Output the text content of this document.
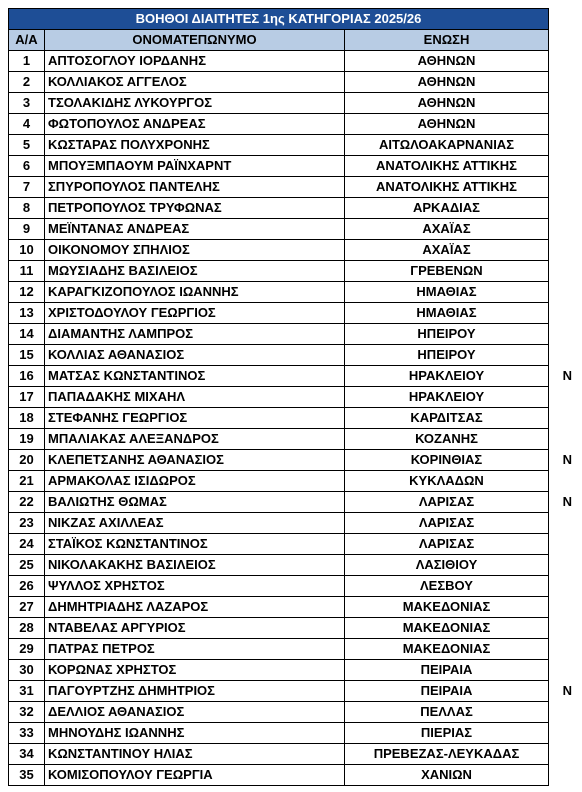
ΒΟΗΘΟΙ ΔΙΑΙΤΗΤΕΣ 1ης ΚΑΤΗΓΟΡΙΑΣ 2025/26		
Α/Α	ΟΝΟΜΑΤΕΠΩΝΥΜΟ	ΕΝΩΣΗ
1	ΑΠΤΟΣΟΓΛΟΥ ΙΟΡΔΑΝΗΣ	ΑΘΗΝΩΝ
2	ΚΟΛΛΙΑΚΟΣ ΑΓΓΕΛΟΣ	ΑΘΗΝΩΝ
3	ΤΣΟΛΑΚΙΔΗΣ ΛΥΚΟΥΡΓΟΣ	ΑΘΗΝΩΝ
4	ΦΩΤΟΠΟΥΛΟΣ ΑΝΔΡΕΑΣ	ΑΘΗΝΩΝ
5	ΚΩΣΤΑΡΑΣ ΠΟΛΥΧΡΟΝΗΣ	ΑΙΤΩΛΟΑΚΑΡΝΑΝΙΑΣ
6	ΜΠΟΥΞΜΠΑΟΥΜ ΡΑΪΝΧΑΡΝΤ	ΑΝΑΤΟΛΙΚΗΣ ΑΤΤΙΚΗΣ
7	ΣΠΥΡΟΠΟΥΛΟΣ ΠΑΝΤΕΛΗΣ	ΑΝΑΤΟΛΙΚΗΣ ΑΤΤΙΚΗΣ
8	ΠΕΤΡΟΠΟΥΛΟΣ ΤΡΥΦΩΝΑΣ	ΑΡΚΑΔΙΑΣ
9	ΜΕΪΝΤΑΝΑΣ ΑΝΔΡΕΑΣ	ΑΧΑΪΑΣ
10	ΟΙΚΟΝΟΜΟΥ ΣΠΗΛΙΟΣ	ΑΧΑΪΑΣ
11	ΜΩΥΣΙΑΔΗΣ ΒΑΣΙΛΕΙΟΣ	ΓΡΕΒΕΝΩΝ
12	ΚΑΡΑΓΚΙΖΟΠΟΥΛΟΣ ΙΩΑΝΝΗΣ	ΗΜΑΘΙΑΣ
13	ΧΡΙΣΤΟΔΟΥΛΟΥ ΓΕΩΡΓΙΟΣ	ΗΜΑΘΙΑΣ
14	ΔΙΑΜΑΝΤΗΣ ΛΑΜΠΡΟΣ	ΗΠΕΙΡΟΥ
15	ΚΟΛΛΙΑΣ ΑΘΑΝΑΣΙΟΣ	ΗΠΕΙΡΟΥ
16	ΜΑΤΣΑΣ ΚΩΝΣΤΑΝΤΙΝΟΣ	ΗΡΑΚΛΕΙΟΥ
17	ΠΑΠΑΔΑΚΗΣ ΜΙΧΑΗΛ	ΗΡΑΚΛΕΙΟΥ
18	ΣΤΕΦΑΝΗΣ ΓΕΩΡΓΙΟΣ	ΚΑΡΔΙΤΣΑΣ
19	ΜΠΑΛΙΑΚΑΣ ΑΛΕΞΑΝΔΡΟΣ	ΚΟΖΑΝΗΣ
20	ΚΛΕΠΕΤΣΑΝΗΣ ΑΘΑΝΑΣΙΟΣ	ΚΟΡΙΝΘΙΑΣ
21	ΑΡΜΑΚΟΛΑΣ ΙΣΙΔΩΡΟΣ	ΚΥΚΛΑΔΩΝ
22	ΒΑΛΙΩΤΗΣ ΘΩΜΑΣ	ΛΑΡΙΣΑΣ
23	ΝΙΚΖΑΣ ΑΧΙΛΛΕΑΣ	ΛΑΡΙΣΑΣ
24	ΣΤΑΪΚΟΣ ΚΩΝΣΤΑΝΤΙΝΟΣ	ΛΑΡΙΣΑΣ
25	ΝΙΚΟΛΑΚΑΚΗΣ ΒΑΣΙΛΕΙΟΣ	ΛΑΣΙΘΙΟΥ
26	ΨΥΛΛΟΣ ΧΡΗΣΤΟΣ	ΛΕΣΒΟΥ
27	ΔΗΜΗΤΡΙΑΔΗΣ ΛΑΖΑΡΟΣ	ΜΑΚΕΔΟΝΙΑΣ
28	ΝΤΑΒΕΛΑΣ ΑΡΓΥΡΙΟΣ	ΜΑΚΕΔΟΝΙΑΣ
29	ΠΑΤΡΑΣ ΠΕΤΡΟΣ	ΜΑΚΕΔΟΝΙΑΣ
30	ΚΟΡΩΝΑΣ ΧΡΗΣΤΟΣ	ΠΕΙΡΑΙΑ
31	ΠΑΓΟΥΡΤΖΗΣ ΔΗΜΗΤΡΙΟΣ	ΠΕΙΡΑΙΑ
32	ΔΕΛΛΙΟΣ ΑΘΑΝΑΣΙΟΣ	ΠΕΛΛΑΣ
33	ΜΗΝΟΥΔΗΣ ΙΩΑΝΝΗΣ	ΠΙΕΡΙΑΣ
34	ΚΩΝΣΤΑΝΤΙΝΟΥ ΗΛΙΑΣ	ΠΡΕΒΕΖΑΣ-ΛΕΥΚΑΔΑΣ
35	ΚΟΜΙΣΟΠΟΥΛΟΥ ΓΕΩΡΓΙΑ	ΧΑΝΙΩΝ
Ν
Ν
Ν
Ν
